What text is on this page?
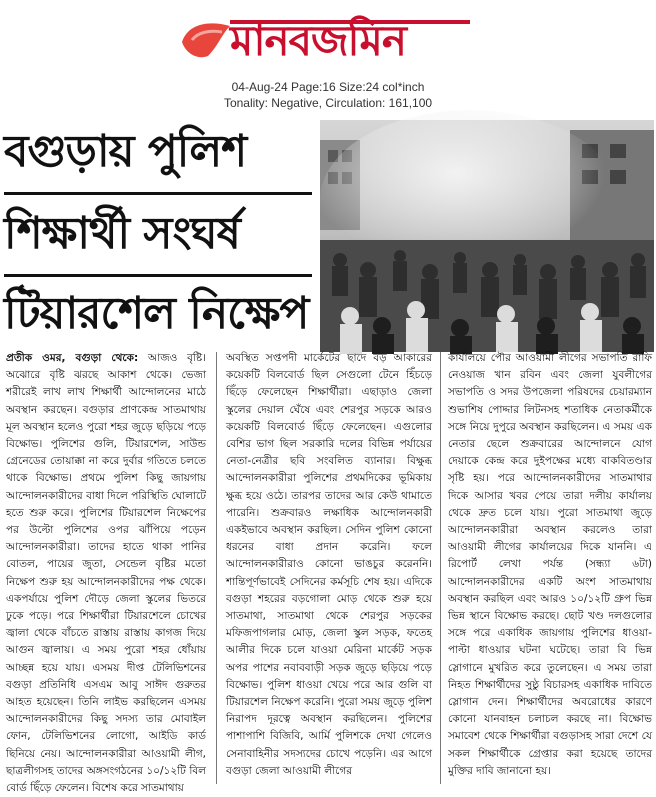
মানবজমিন
04-Aug-24 Page:16 Size:24 col*inch
Tonality: Negative, Circulation: 161,100
বগুড়ায় পুলিশ
শিক্ষার্থী সংঘর্ষ
টিয়ারশেল নিক্ষেপ
প্রতীক ওমর, বগুড়া থেকে: আজও বৃষ্টি। অঝোরে বৃষ্টি ঝরছে আকাশ থেকে। ভেজা শরীরেই লাখ লাখ শিক্ষার্থী আন্দোলনের মাঠে অবস্থান করছেন। বগুড়ার প্রাণকেন্দ্র সাতমাথায় মূল অবস্থান হলেও পুরো শহর জুড়ে ছড়িয়ে পড়ে বিক্ষোভ। পুলিশের গুলি, টিয়ারশেল, সাউন্ড গ্রেনেডের তোয়াক্কা না করে দুর্বার গতিতে চলতে থাকে বিক্ষোভ। প্রথমে পুলিশ কিছু জায়গায় আন্দোলনকারীদের বাধা দিলে পরিস্থিতি ঘোলাটে হতে শুরু করে। পুলিশের টিয়ারশেল নিক্ষেপের পর উল্টো পুলিশের ওপর ঝাঁপিয়ে পড়েন আন্দোলনকারীরা। তাদের হাতে থাকা পানির বোতল, পায়ের জুতা, সেন্ডেল বৃষ্টির মতো নিক্ষেপ শুরু হয় আন্দোলনকারীদের পক্ষ থেকে। একপর্যায়ে পুলিশ দৌড়ে জেলা স্কুলের ভিতরে ঢুকে পড়ে। পরে শিক্ষার্থীরা টিয়ারশেলে চোখের জ্বালা থেকে বাঁচতে রাস্তায় রাস্তায় কাগজ দিয়ে আগুন জ্বালায়। এ সময় পুরো শহর ধোঁয়ায় আচ্ছন্ন হয়ে যায়। এসময় দীপ্ত টেলিভিশনের বগুড়া প্রতিনিধি এসএম আবু সাঈদ গুরুতর আহত হয়েছেন। তিনি লাইভ করছিলেন এসময় আন্দোলনকারীদের কিছু সদস্য তার মোবাইল ফোন, টেলিভিশনের লোগো, আইডি কার্ড ছিনিয়ে নেয়। আন্দোলনকারীরা আওয়ামী লীগ, ছাত্রলীগসহ তাদের অঙ্গসংগঠনের ১০/১২টি বিল বোর্ড ছিঁড়ে ফেলেন। বিশেষ করে সাতমাথায়
অবস্থিত সপ্তপদী মার্কেটের ছাদে বড় আকারের কয়েকটি বিলবোর্ড ছিল সেগুলো টেনে হিঁচড়ে ছিঁড়ে ফেলেছেন শিক্ষার্থীরা। এছাড়াও জেলা স্কুলের দেয়াল ঘেঁষে এবং শেরপুর সড়কে আরও কয়েকটি বিলবোর্ড ছিঁড়ে ফেলেছেন। এগুলোর বেশির ভাগ ছিল সরকারি দলের বিভিন্ন পর্যায়ের নেতা-নেত্রীর ছবি সংবলিত ব্যানার। বিক্ষুব্ধ আন্দোলনকারীরা পুলিশের প্রথমদিকের ভূমিকায় ক্ষুব্ধ হয়ে ওঠে। তারপর তাদের আর কেউ থামাতে পারেনি। শুক্রবারও লক্ষাধিক আন্দোলনকারী একইভাবে অবস্থান করছিল। সেদিন পুলিশ কোনো ধরনের বাধা প্রদান করেনি। ফলে আন্দোলনকারীরাও কোনো ভাঙচুর করেননি। শান্তিপূর্ণভাবেই সেদিনের কর্মসূচি শেষ হয়। এদিকে বগুড়া শহরের বড়গোলা মোড় থেকে শুরু হয়ে সাতমাথা, সাতমাথা থেকে শেরপুর সড়কের মফিজপাগলার মোড়, জেলা স্কুল সড়ক, ফতেহ আলীর দিকে চলে যাওয়া মেরিনা মার্কেট সড়ক অপর পাশের নবাববাড়ী সড়ক জুড়ে ছড়িয়ে পড়ে বিক্ষোভ। পুলিশ ধাওয়া খেয়ে পরে আর গুলি বা টিয়ারশেল নিক্ষেপ করেনি। পুরো সময় জুড়ে পুলিশ নিরাপদ দূরত্বে অবস্থান করছিলেন। পুলিশের পাশাপাশি বিজিবি, আর্মি পুলিশকে দেখা গেলেও সেনাবাহিনীর সদস্যদের চোখে পড়েনি। এর আগে বগুড়া জেলা আওয়ামী লীগের
কার্যালয়ে পৌর আওয়ামী লীগের সভাপতি রাফি নেওয়াজ খান রবিন এবং জেলা যুবলীগের সভাপতি ও সদর উপজেলা পরিষদের চেয়ারম্যান শুভাশিষ পোদ্দার লিটনসহ শতাধিক নেতাকর্মীকে সঙ্গে নিয়ে দুপুরে অবস্থান করছিলেন। এ সময় এক নেতার ছেলে শুক্রবারের আন্দোলনে যোগ দেয়াকে কেন্দ্র করে দুইপক্ষের মধ্যে বাকবিতণ্ডার সৃষ্টি হয়। পরে আন্দোলনকারীদের সাতমাথার দিকে আসার খবর পেয়ে তারা দলীয় কার্যালয় থেকে দ্রুত চলে যায়। পুরো সাতমাথা জুড়ে আন্দোলনকারীরা অবস্থান করলেও তারা আওয়ামী লীগের কার্যালয়ের দিকে যাননি। এ রিপোর্ট লেখা পর্যন্ত (সন্ধ্যা ৬টা) আন্দোলনকারীদের একটি অংশ সাতমাথায় অবস্থান করছিল এবং আরও ১০/১২টি গ্রুপ ভিন্ন ভিন্ন স্থানে বিক্ষোভ করছে। ছোট খণ্ড দলগুলোর সঙ্গে পরে একাধিক জায়গায় পুলিশের ধাওয়া-পাল্টা ধাওয়ার ঘটনা ঘটেছে। তারা বি ভিন্ন স্লোগানে মুখরিত করে তুলেছেন। এ সময় তারা নিহত শিক্ষার্থীদের সুষ্ঠু বিচারসহ একাধিক দাবিতে স্লোগান দেন। শিক্ষার্থীদের অবরোধের কারণে কোনো যানবাহন চলাচল করছে না। বিক্ষোভ সমাবেশ থেকে শিক্ষার্থীরা বগুড়াসহ সারা দেশে যে সকল শিক্ষার্থীকে গ্রেপ্তার করা হয়েছে তাদের মুক্তির দাবি জানানো হয়।
